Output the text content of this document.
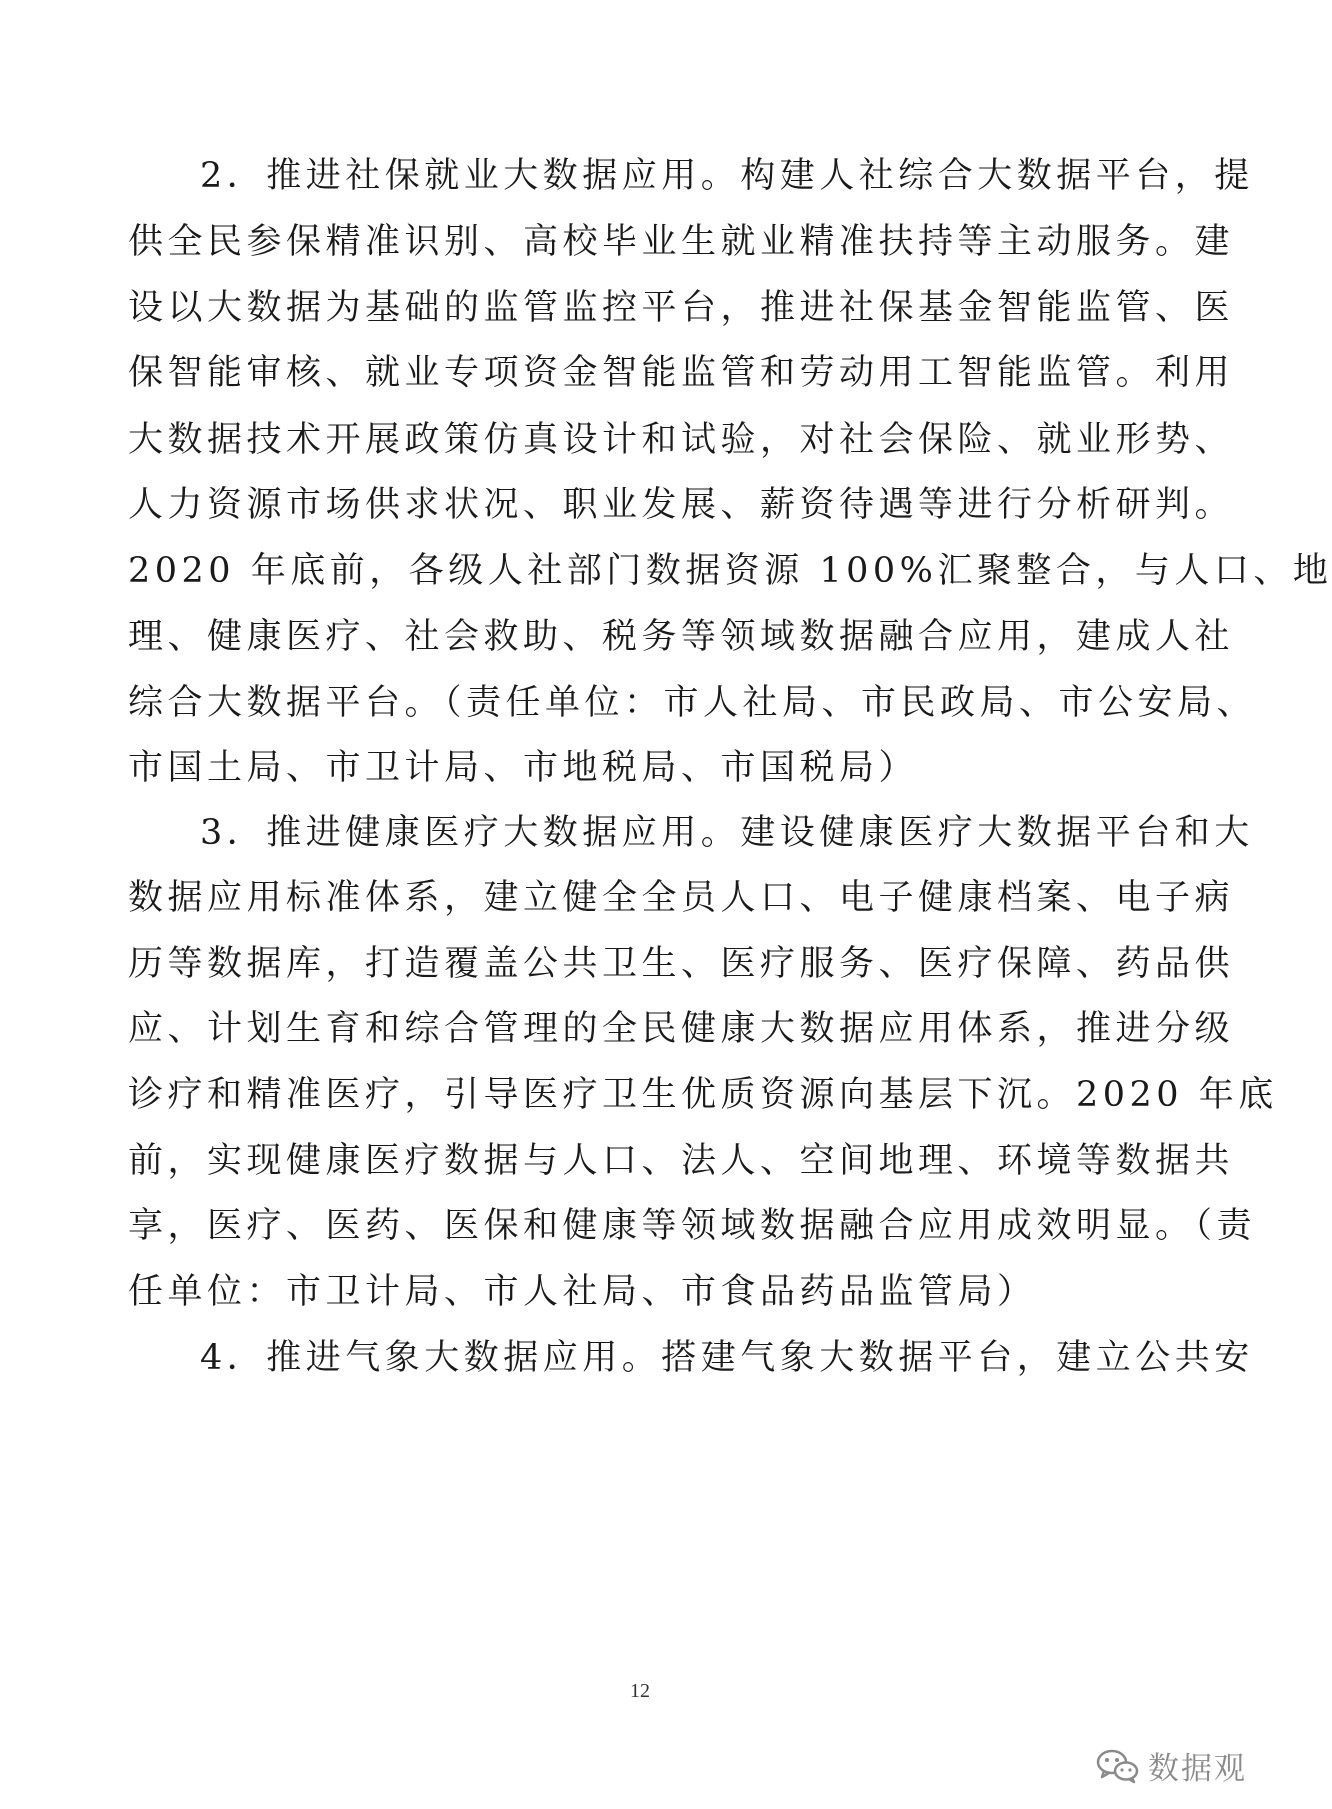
2．推进社保就业大数据应用。构建人社综合大数据平台，提
供全民参保精准识别、高校毕业生就业精准扶持等主动服务。建
设以大数据为基础的监管监控平台，推进社保基金智能监管、医
保智能审核、就业专项资金智能监管和劳动用工智能监管。利用
大数据技术开展政策仿真设计和试验，对社会保险、就业形势、
人力资源市场供求状况、职业发展、薪资待遇等进行分析研判。
2020 年底前，各级人社部门数据资源 100%汇聚整合，与人口、地
理、健康医疗、社会救助、税务等领域数据融合应用，建成人社
综合大数据平台。（责任单位：市人社局、市民政局、市公安局、
市国土局、市卫计局、市地税局、市国税局）
3．推进健康医疗大数据应用。建设健康医疗大数据平台和大
数据应用标准体系，建立健全全员人口、电子健康档案、电子病
历等数据库，打造覆盖公共卫生、医疗服务、医疗保障、药品供
应、计划生育和综合管理的全民健康大数据应用体系，推进分级
诊疗和精准医疗，引导医疗卫生优质资源向基层下沉。2020 年底
前，实现健康医疗数据与人口、法人、空间地理、环境等数据共
享，医疗、医药、医保和健康等领域数据融合应用成效明显。（责
任单位：市卫计局、市人社局、市食品药品监管局）
4．推进气象大数据应用。搭建气象大数据平台，建立公共安
12
数据观
